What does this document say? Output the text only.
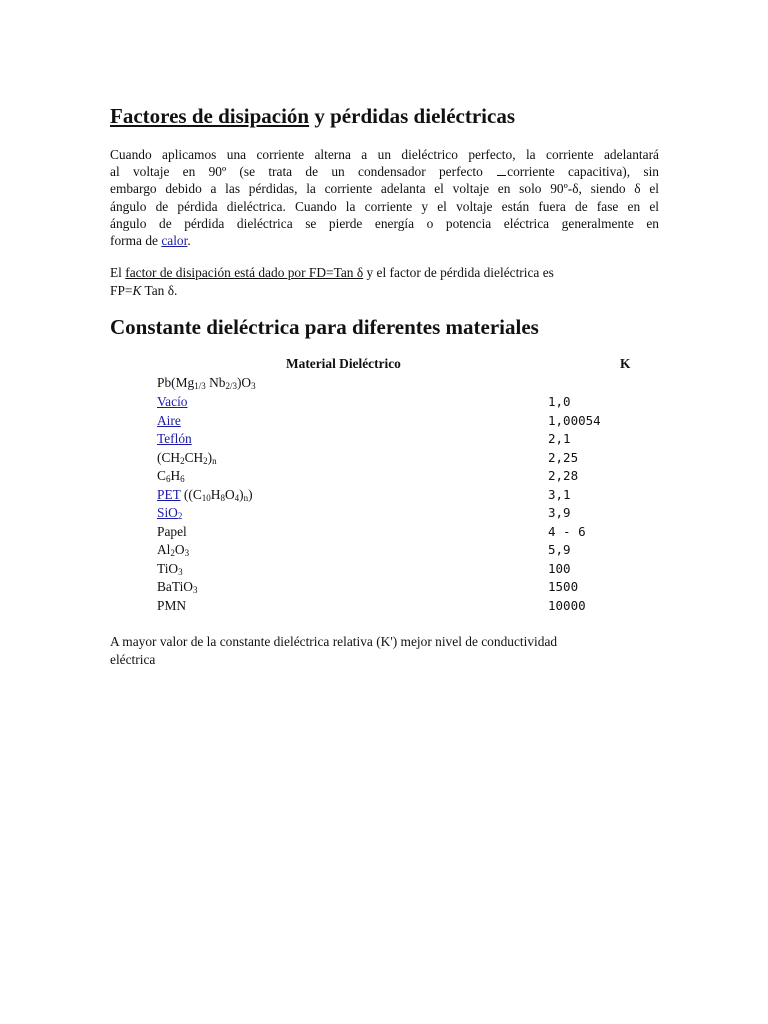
Factores de disipación y pérdidas dieléctricas

Cuando aplicamos una corriente alterna a un dieléctrico perfecto, la corriente adelantará
al voltaje en 90º (se trata de un condensador perfecto corriente capacitiva), sin
embargo debido a las pérdidas, la corriente adelanta el voltaje en solo 90º-δ, siendo δ el
ángulo de pérdida dieléctrica. Cuando la corriente y el voltaje están fuera de fase en el
ángulo de pérdida dieléctrica se pierde energía o potencia eléctrica generalmente en
forma de calor.

El factor de disipación está dado por FD=Tan δ y el factor de pérdida dieléctrica es
FP=K Tan δ.

Constante dieléctrica para diferentes materiales
Material Dieléctrico	K
$Pb(Mg_{1/3}$ $Nb_{2/3})O_3$
Vacío	1,0
Aire	1,00054
Teflón	2,1
$(CH_2CH_2)_n$	2,25
$C_6H_6$	2,28
PET $((C_{10}H_8O_4)_n)$	3,1
SiO$_2$	3,9
Papel	4 - 6
$Al_2O_3$	5,9
TiO$_3$	100
BaTiO$_3$	1500
PMN	10000

A mayor valor de la constante dieléctrica relativa (K') mejor nivel de conductividad
eléctrica
